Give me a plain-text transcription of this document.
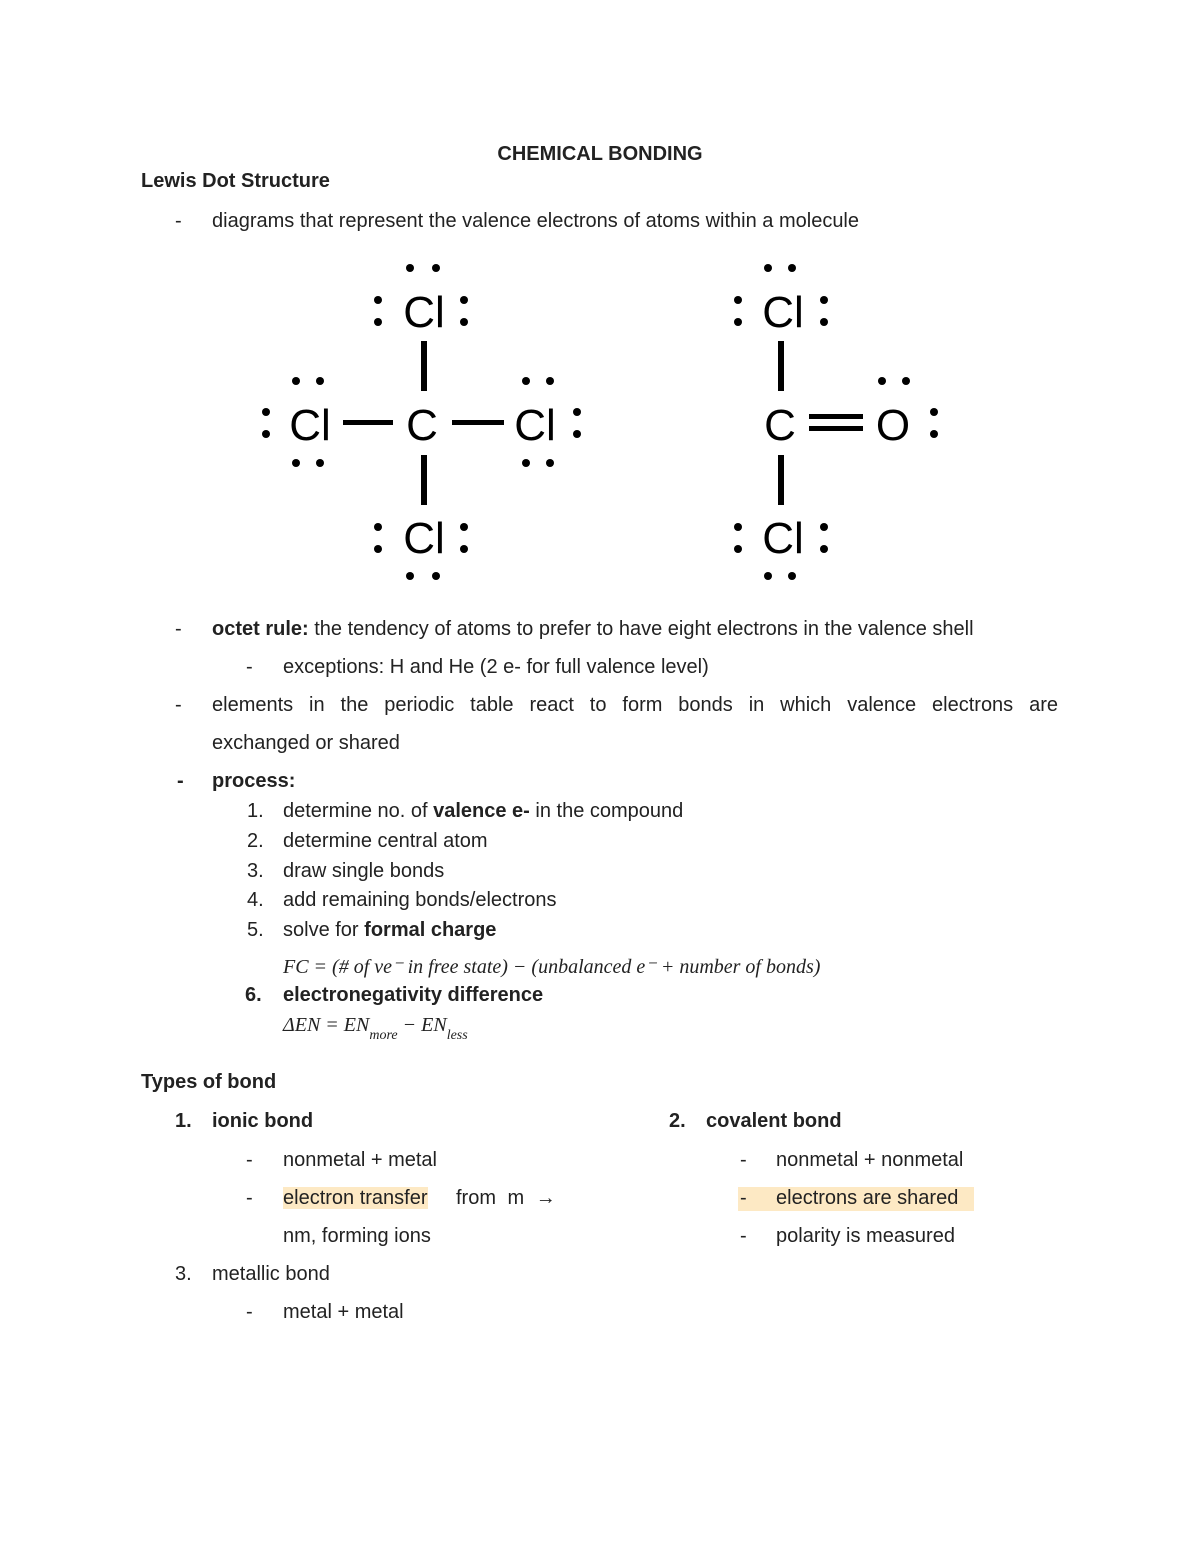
CHEMICAL BONDING
Lewis Dot Structure
- diagrams that represent the valence electrons of atoms within a molecule
Cl
Cl C Cl
Cl
Cl
C O
Cl
- octet rule: the tendency of atoms to prefer to have eight electrons in the valence shell
- exceptions: H and He (2 e- for full valence level)
- elements in the periodic table react to form bonds in which valence electrons are
exchanged or shared
- process:
1. determine no. of valence e- in the compound
2. determine central atom
3. draw single bonds
4. add remaining bonds/electrons
5. solve for formal charge
FC = (# of ve⁻ in free state) − (unbalanced e⁻ + number of bonds)
6. electronegativity difference
$\Delta EN = EN_{more} - EN_{less}$
Types of bond
1. ionic bond
- nonmetal + metal
- electron transfer from m →
nm, forming ions
2. covalent bond
- nonmetal + nonmetal
- electrons are shared
- polarity is measured
3. metallic bond
- metal + metal
